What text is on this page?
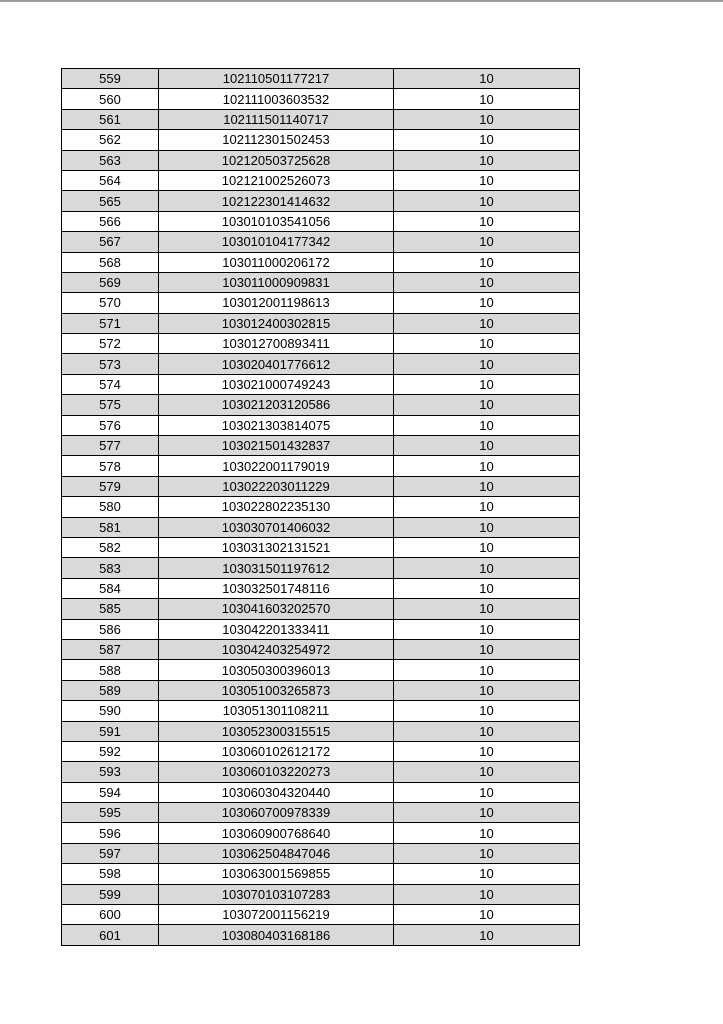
559	102110501177217	10
560	102111003603532	10
561	102111501140717	10
562	102112301502453	10
563	102120503725628	10
564	102121002526073	10
565	102122301414632	10
566	103010103541056	10
567	103010104177342	10
568	103011000206172	10
569	103011000909831	10
570	103012001198613	10
571	103012400302815	10
572	103012700893411	10
573	103020401776612	10
574	103021000749243	10
575	103021203120586	10
576	103021303814075	10
577	103021501432837	10
578	103022001179019	10
579	103022203011229	10
580	103022802235130	10
581	103030701406032	10
582	103031302131521	10
583	103031501197612	10
584	103032501748116	10
585	103041603202570	10
586	103042201333411	10
587	103042403254972	10
588	103050300396013	10
589	103051003265873	10
590	103051301108211	10
591	103052300315515	10
592	103060102612172	10
593	103060103220273	10
594	103060304320440	10
595	103060700978339	10
596	103060900768640	10
597	103062504847046	10
598	103063001569855	10
599	103070103107283	10
600	103072001156219	10
601	103080403168186	10
